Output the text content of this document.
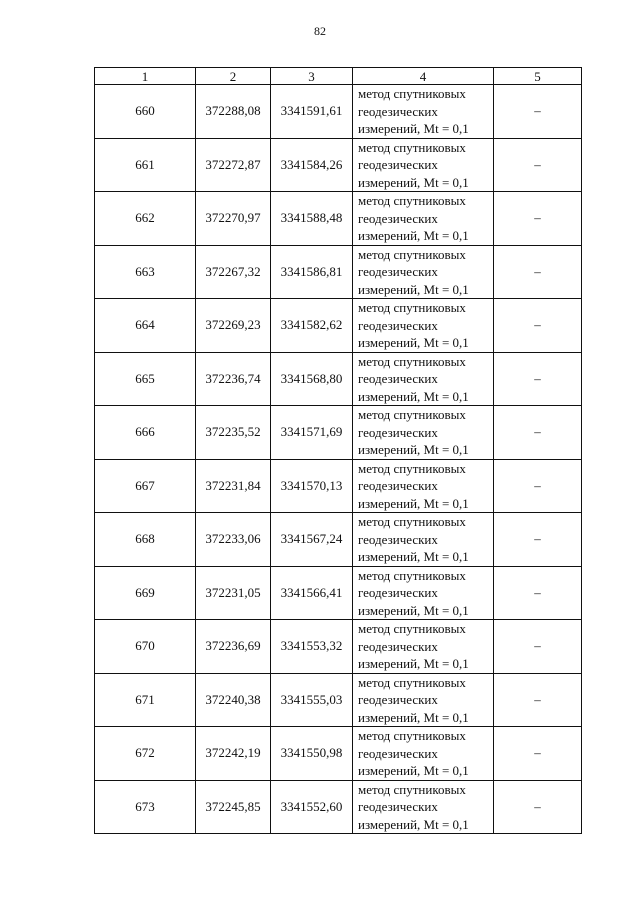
82
1	2	3	4	5
660	372288,08	3341591,61	метод спутниковых
геодезических
измерений, Mt = 0,1	–
661	372272,87	3341584,26	метод спутниковых
геодезических
измерений, Mt = 0,1	–
662	372270,97	3341588,48	метод спутниковых
геодезических
измерений, Mt = 0,1	–
663	372267,32	3341586,81	метод спутниковых
геодезических
измерений, Mt = 0,1	–
664	372269,23	3341582,62	метод спутниковых
геодезических
измерений, Mt = 0,1	–
665	372236,74	3341568,80	метод спутниковых
геодезических
измерений, Mt = 0,1	–
666	372235,52	3341571,69	метод спутниковых
геодезических
измерений, Mt = 0,1	–
667	372231,84	3341570,13	метод спутниковых
геодезических
измерений, Mt = 0,1	–
668	372233,06	3341567,24	метод спутниковых
геодезических
измерений, Mt = 0,1	–
669	372231,05	3341566,41	метод спутниковых
геодезических
измерений, Mt = 0,1	–
670	372236,69	3341553,32	метод спутниковых
геодезических
измерений, Mt = 0,1	–
671	372240,38	3341555,03	метод спутниковых
геодезических
измерений, Mt = 0,1	–
672	372242,19	3341550,98	метод спутниковых
геодезических
измерений, Mt = 0,1	–
673	372245,85	3341552,60	метод спутниковых
геодезических
измерений, Mt = 0,1	–
